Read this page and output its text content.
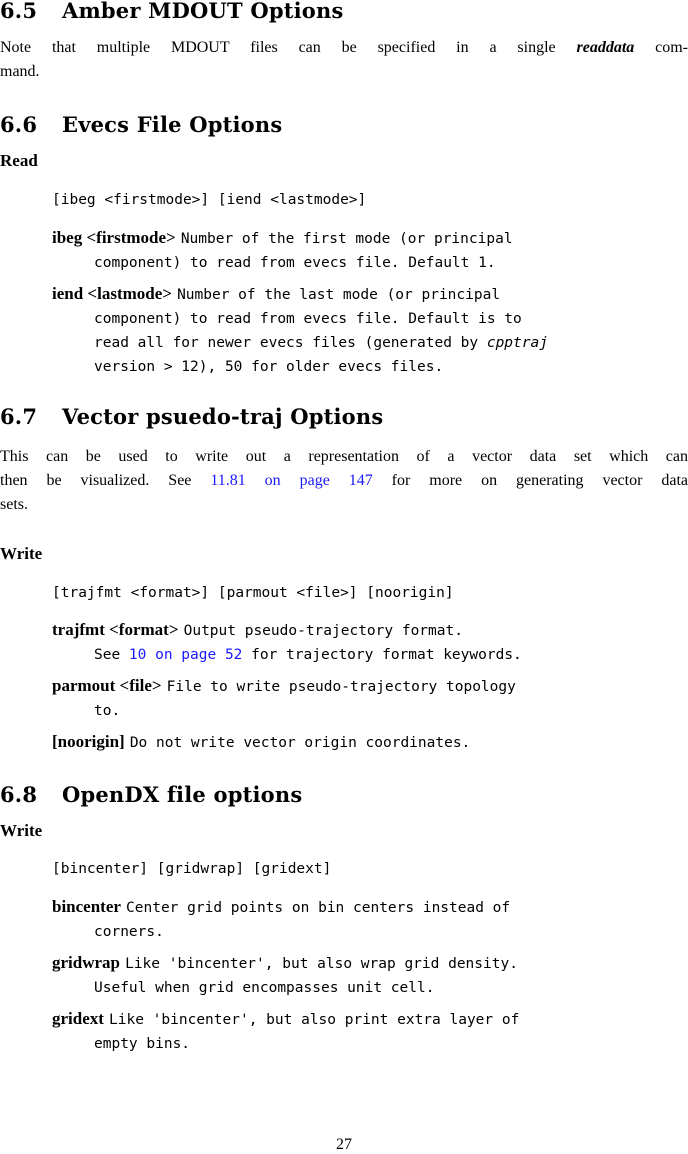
6.5 Amber MDOUT Options
Note that multiple MDOUT files can be specified in a single readdata com-
mand.
6.6 Evecs File Options
Read
[ibeg <firstmode>] [iend <lastmode>]
ibeg <firstmode> Number of the first mode (or principal
component) to read from evecs file. Default 1.
iend <lastmode> Number of the last mode (or principal
component) to read from evecs file. Default is to
read all for newer evecs files (generated by cpptraj
version > 12), 50 for older evecs files.
6.7 Vector psuedo-traj Options
This can be used to write out a representation of a vector data set which can
then be visualized. See 11.81 on page 147 for more on generating vector data
sets.
Write
[trajfmt <format>] [parmout <file>] [noorigin]
trajfmt <format> Output pseudo-trajectory format.
See 10 on page 52 for trajectory format keywords.
parmout <file> File to write pseudo-trajectory topology
to.
[noorigin] Do not write vector origin coordinates.
6.8 OpenDX file options
Write
[bincenter] [gridwrap] [gridext]
bincenter Center grid points on bin centers instead of
corners.
gridwrap Like 'bincenter', but also wrap grid density.
Useful when grid encompasses unit cell.
gridext Like 'bincenter', but also print extra layer of
empty bins.
27
